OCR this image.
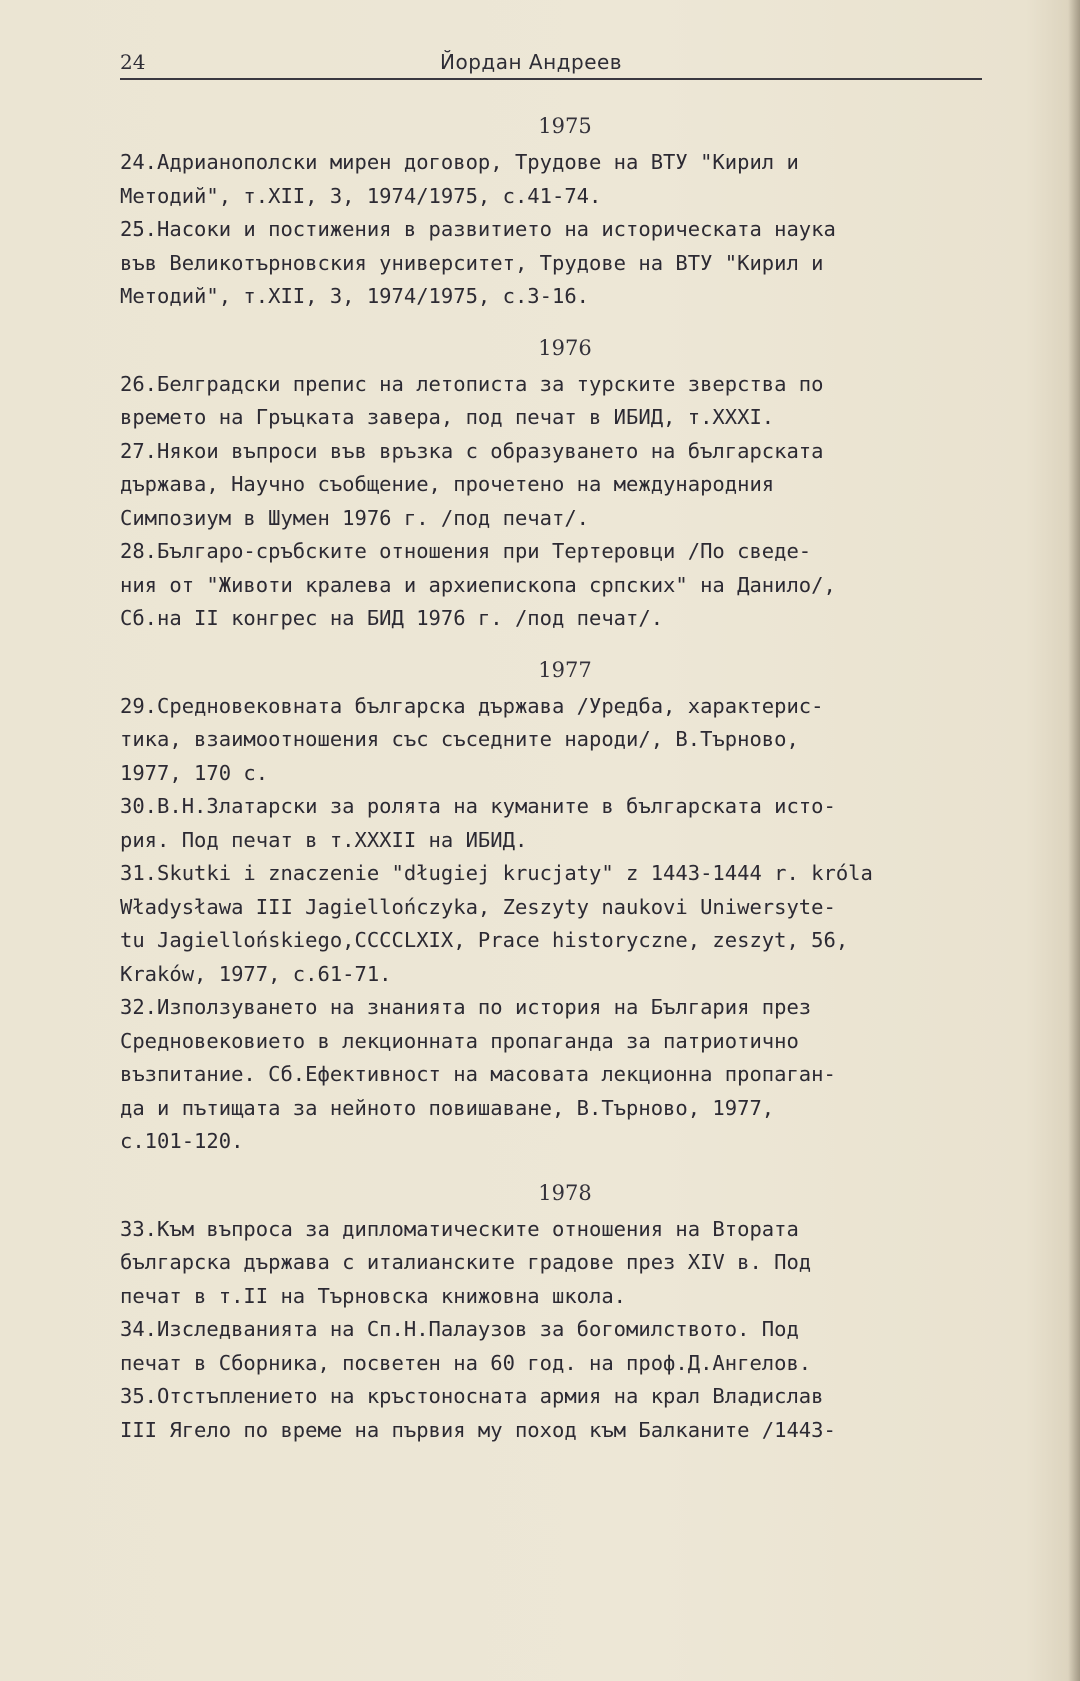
24	Йордан Андреев
1975

24.Адрианополски мирен договор, Трудове на ВТУ "Кирил и

Методий", т.XII, 3, 1974/1975, с.41-74.

25.Насоки и постижения в развитието на историческата наука

във Великотърновския университет, Трудове на ВТУ "Кирил и

Методий", т.XII, 3, 1974/1975, с.3-16.

1976

26.Белградски препис на летописта за турските зверства по

времето на Гръцката завера, под печат в ИБИД, т.XXXI.

27.Някои въпроси във връзка с образуването на българската

държава, Научно съобщение, прочетено на международния

Симпозиум в Шумен 1976 г. /под печат/.

28.Българо-сръбските отношения при Тертеровци /По сведе-

ния от "Животи кралева и архиепископа српских" на Данило/,

Сб.на II конгрес на БИД 1976 г. /под печат/.

1977

29.Средновековната българска държава /Уредба, характерис-

тика, взаимоотношения със съседните народи/, В.Търново,

1977, 170 с.

30.В.Н.Златарски за ролята на куманите в българската исто-

рия. Под печат в т.XXXII на ИБИД.

31.Skutki i znaczenie "długiej krucjaty" z 1443-1444 r. króla

Władysława III Jagiellończyka, Zeszyty naukovi Uniwersyte-

tu Jagiellońskiego,CCCCLXIX, Prace historyczne, zeszyt, 56,

Kraków, 1977, c.61-71.

32.Използуването на знанията по история на България през

Средновековието в лекционната пропаганда за патриотично

възпитание. Сб.Ефективност на масовата лекционна пропаган-

да и пътищата за нейното повишаване, В.Търново, 1977,

с.101-120.

1978

33.Към въпроса за дипломатическите отношения на Втората

българска държава с италианските градове през XIV в. Под

печат в т.II на Търновска книжовна школа.

34.Изследванията на Сп.Н.Палаузов за богомилството. Под

печат в Сборника, посветен на 60 год. на проф.Д.Ангелов.

35.Отстъплението на кръстоносната армия на крал Владислав

III Ягело по време на първия му поход към Балканите /1443-
